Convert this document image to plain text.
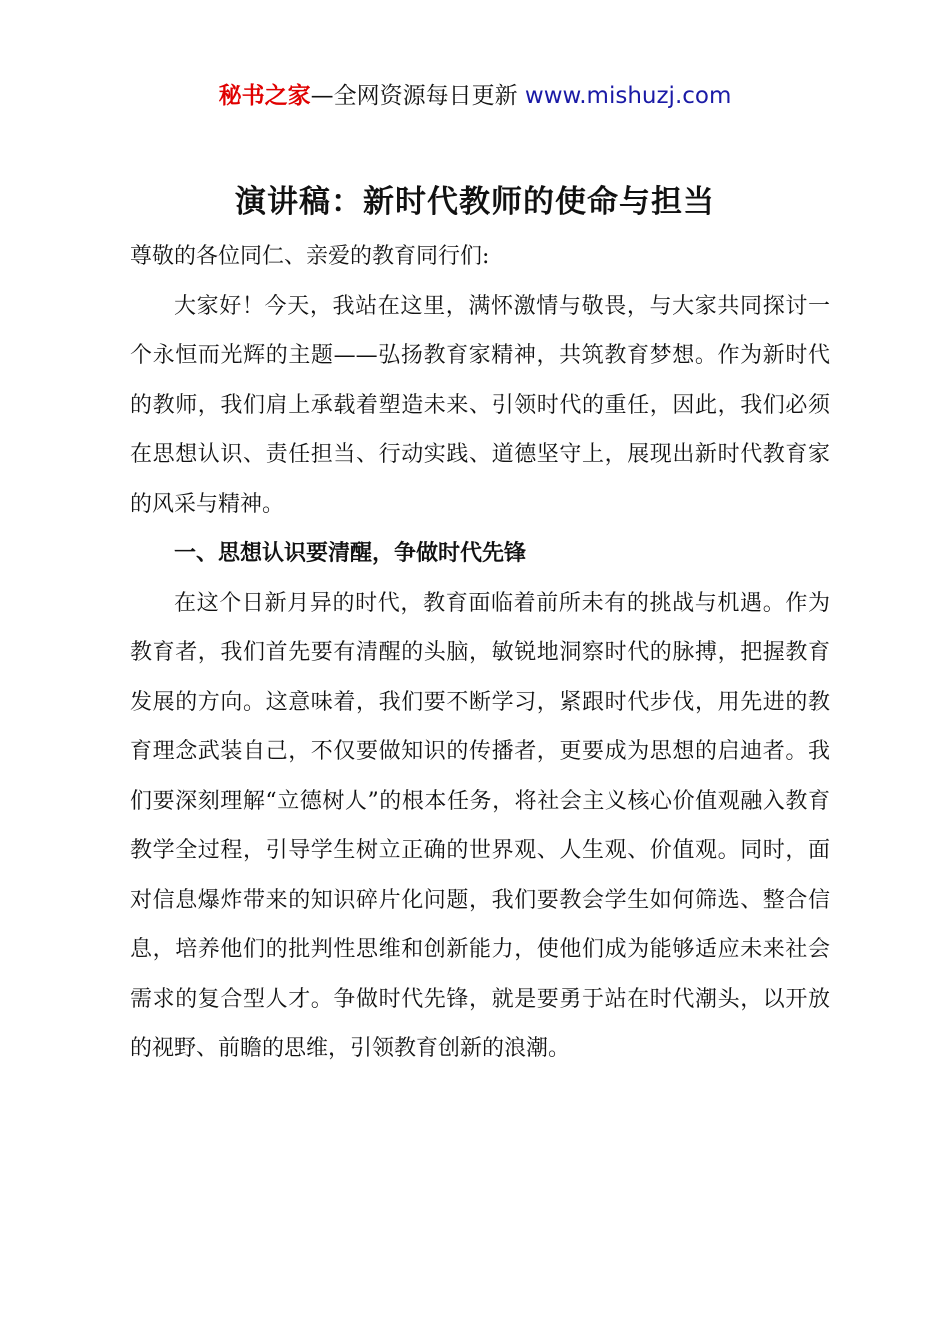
秘书之家—全网资源每日更新 www.mishuzj.com
演讲稿：新时代教师的使命与担当

尊敬的各位同仁、亲爱的教育同行们:

大家好！今天，我站在这里，满怀激情与敬畏，与大家共同探讨一个永恒而光辉的主题——弘扬教育家精神，共筑教育梦想。作为新时代的教师，我们肩上承载着塑造未来、引领时代的重任，因此，我们必须在思想认识、责任担当、行动实践、道德坚守上，展现出新时代教育家的风采与精神。

一、思想认识要清醒，争做时代先锋

在这个日新月异的时代，教育面临着前所未有的挑战与机遇。作为教育者，我们首先要有清醒的头脑，敏锐地洞察时代的脉搏，把握教育发展的方向。这意味着，我们要不断学习，紧跟时代步伐，用先进的教育理念武装自己，不仅要做知识的传播者，更要成为思想的启迪者。我们要深刻理解“立德树人”的根本任务，将社会主义核心价值观融入教育教学全过程，引导学生树立正确的世界观、人生观、价值观。同时，面对信息爆炸带来的知识碎片化问题，我们要教会学生如何筛选、整合信息，培养他们的批判性思维和创新能力，使他们成为能够适应未来社会需求的复合型人才。争做时代先锋，就是要勇于站在时代潮头，以开放的视野、前瞻的思维，引领教育创新的浪潮。
